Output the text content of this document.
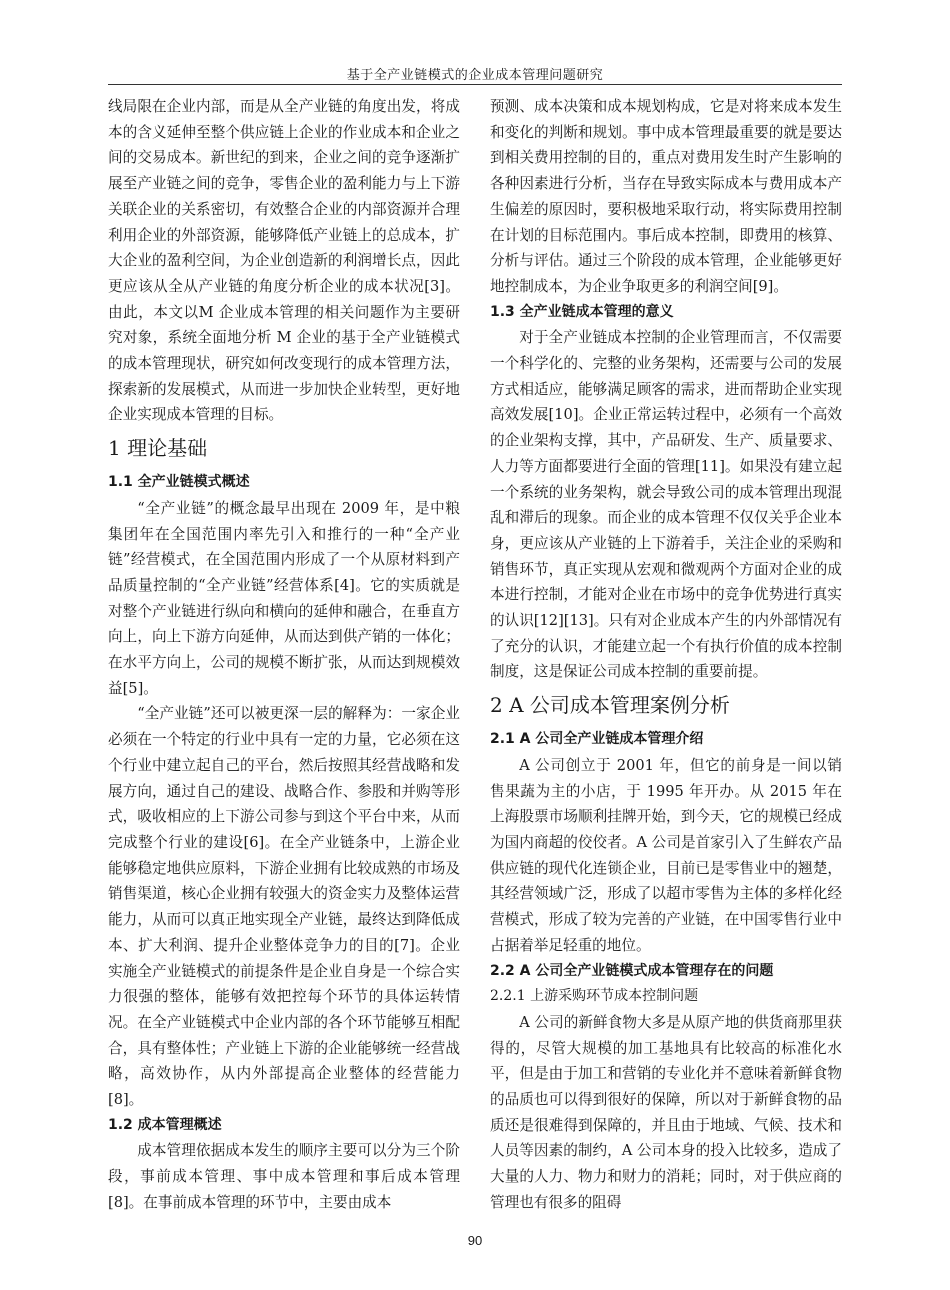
基于全产业链模式的企业成本管理问题研究

线局限在企业内部，而是从全产业链的角度出发，将成本的含义延伸至整个供应链上企业的作业成本和企业之间的交易成本。新世纪的到来，企业之间的竞争逐渐扩展至产业链之间的竞争，零售企业的盈利能力与上下游关联企业的关系密切，有效整合企业的内部资源并合理利用企业的外部资源，能够降低产业链上的总成本，扩大企业的盈利空间，为企业创造新的利润增长点，因此更应该从全从产业链的角度分析企业的成本状况[3]。由此，本文以M 企业成本管理的相关问题作为主要研究对象，系统全面地分析 M 企业的基于全产业链模式的成本管理现状，研究如何改变现行的成本管理方法，探索新的发展模式，从而进一步加快企业转型，更好地企业实现成本管理的目标。

1 理论基础
1.1 全产业链模式概述

“全产业链”的概念最早出现在 2009 年，是中粮集团年在全国范围内率先引入和推行的一种“全产业链”经营模式，在全国范围内形成了一个从原材料到产品质量控制的“全产业链”经营体系[4]。它的实质就是对整个产业链进行纵向和横向的延伸和融合，在垂直方向上，向上下游方向延伸，从而达到供产销的一体化；在水平方向上，公司的规模不断扩张，从而达到规模效益[5]。

“全产业链”还可以被更深一层的解释为：一家企业必须在一个特定的行业中具有一定的力量，它必须在这个行业中建立起自己的平台，然后按照其经营战略和发展方向，通过自己的建设、战略合作、参股和并购等形式，吸收相应的上下游公司参与到这个平台中来，从而完成整个行业的建设[6]。在全产业链条中，上游企业能够稳定地供应原料，下游企业拥有比较成熟的市场及销售渠道，核心企业拥有较强大的资金实力及整体运营能力，从而可以真正地实现全产业链，最终达到降低成本、扩大利润、提升企业整体竞争力的目的[7]。企业实施全产业链模式的前提条件是企业自身是一个综合实力很强的整体，能够有效把控每个环节的具体运转情况。在全产业链模式中企业内部的各个环节能够互相配合，具有整体性；产业链上下游的企业能够统一经营战略，高效协作，从内外部提高企业整体的经营能力[8]。

1.2 成本管理概述

成本管理依据成本发生的顺序主要可以分为三个阶段，事前成本管理、事中成本管理和事后成本管理[8]。在事前成本管理的环节中，主要由成本

预测、成本决策和成本规划构成，它是对将来成本发生和变化的判断和规划。事中成本管理最重要的就是要达到相关费用控制的目的，重点对费用发生时产生影响的各种因素进行分析，当存在导致实际成本与费用成本产生偏差的原因时，要积极地采取行动，将实际费用控制在计划的目标范围内。事后成本控制，即费用的核算、分析与评估。通过三个阶段的成本管理，企业能够更好地控制成本，为企业争取更多的利润空间[9]。

1.3 全产业链成本管理的意义

对于全产业链成本控制的企业管理而言，不仅需要一个科学化的、完整的业务架构，还需要与公司的发展方式相适应，能够满足顾客的需求，进而帮助企业实现高效发展[10]。企业正常运转过程中，必须有一个高效的企业架构支撑，其中，产品研发、生产、质量要求、人力等方面都要进行全面的管理[11]。如果没有建立起一个系统的业务架构，就会导致公司的成本管理出现混乱和滞后的现象。而企业的成本管理不仅仅关乎企业本身，更应该从产业链的上下游着手，关注企业的采购和销售环节，真正实现从宏观和微观两个方面对企业的成本进行控制，才能对企业在市场中的竞争优势进行真实的认识[12][13]。只有对企业成本产生的内外部情况有了充分的认识，才能建立起一个有执行价值的成本控制制度，这是保证公司成本控制的重要前提。

2 A 公司成本管理案例分析
2.1 A 公司全产业链成本管理介绍

A 公司创立于 2001 年，但它的前身是一间以销售果蔬为主的小店，于 1995 年开办。从 2015 年在上海股票市场顺利挂牌开始，到今天，它的规模已经成为国内商超的佼佼者。A 公司是首家引入了生鲜农产品供应链的现代化连锁企业，目前已是零售业中的翘楚，其经营领域广泛，形成了以超市零售为主体的多样化经营模式，形成了较为完善的产业链，在中国零售行业中占据着举足轻重的地位。

2.2 A 公司全产业链模式成本管理存在的问题
2.2.1 上游采购环节成本控制问题

A 公司的新鲜食物大多是从原产地的供货商那里获得的，尽管大规模的加工基地具有比较高的标准化水平，但是由于加工和营销的专业化并不意味着新鲜食物的品质也可以得到很好的保障，所以对于新鲜食物的品质还是很难得到保障的，并且由于地域、气候、技术和人员等因素的制约，A 公司本身的投入比较多，造成了大量的人力、物力和财力的消耗；同时，对于供应商的管理也有很多的阻碍

90
